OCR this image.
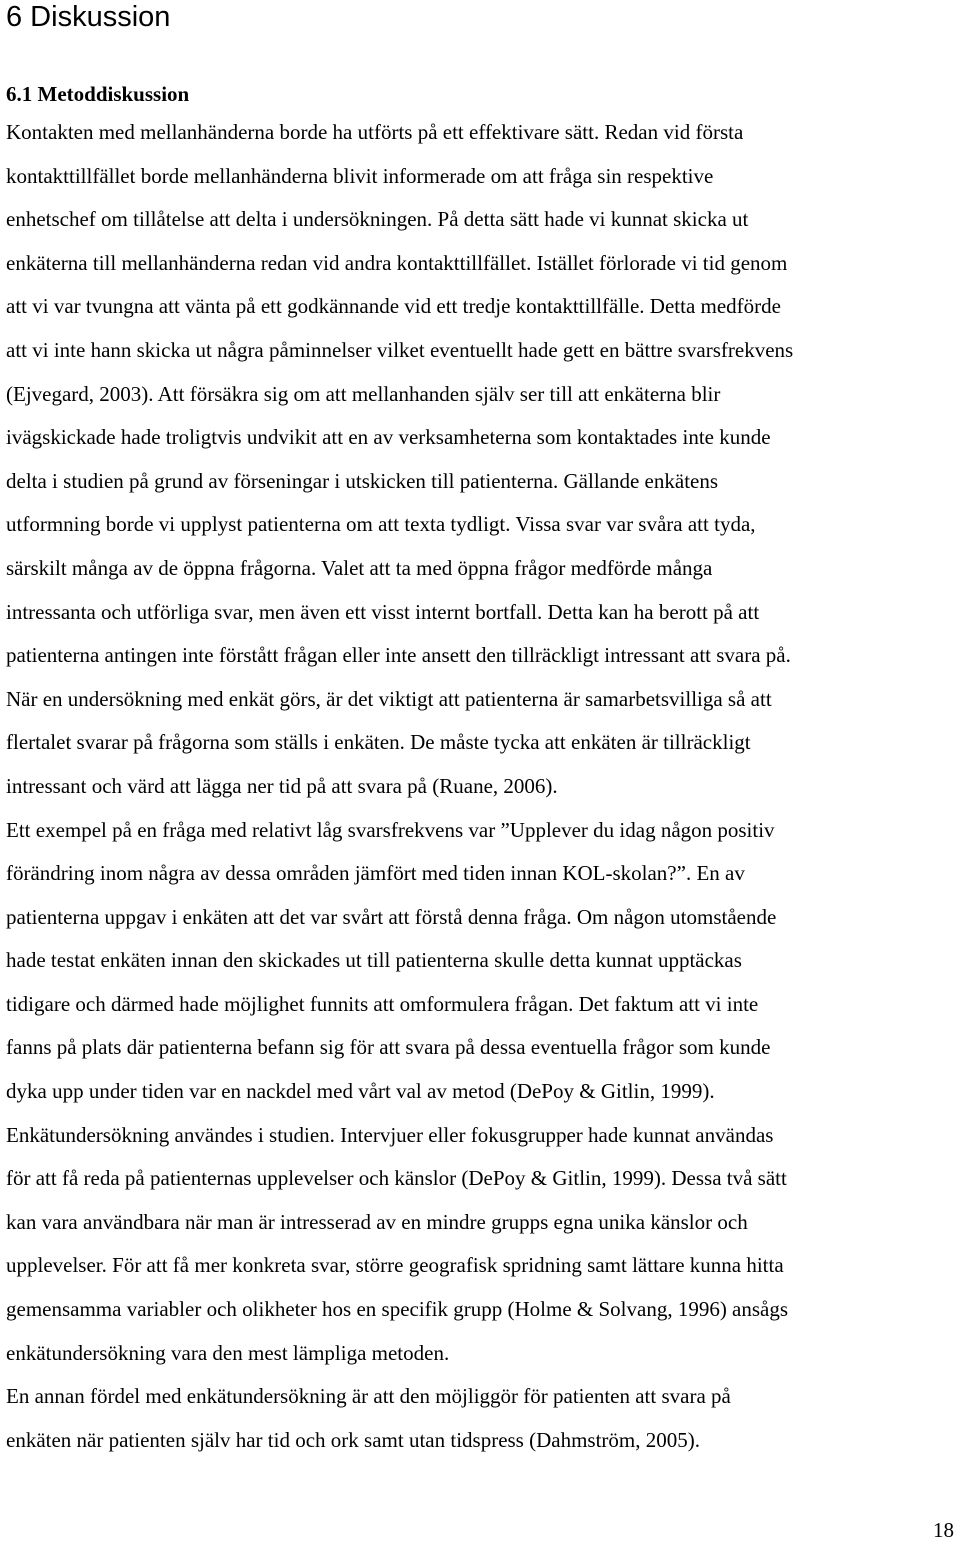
6 Diskussion
6.1 Metoddiskussion
Kontakten med mellanhänderna borde ha utförts på ett effektivare sätt. Redan vid första
kontakttillfället borde mellanhänderna blivit informerade om att fråga sin respektive
enhetschef om tillåtelse att delta i undersökningen. På detta sätt hade vi kunnat skicka ut
enkäterna till mellanhänderna redan vid andra kontakttillfället. Istället förlorade vi tid genom
att vi var tvungna att vänta på ett godkännande vid ett tredje kontakttillfälle. Detta medförde
att vi inte hann skicka ut några påminnelser vilket eventuellt hade gett en bättre svarsfrekvens
(Ejvegard, 2003). Att försäkra sig om att mellanhanden själv ser till att enkäterna blir
ivägskickade hade troligtvis undvikit att en av verksamheterna som kontaktades inte kunde
delta i studien på grund av förseningar i utskicken till patienterna. Gällande enkätens
utformning borde vi upplyst patienterna om att texta tydligt. Vissa svar var svåra att tyda,
särskilt många av de öppna frågorna. Valet att ta med öppna frågor medförde många
intressanta och utförliga svar, men även ett visst internt bortfall. Detta kan ha berott på att
patienterna antingen inte förstått frågan eller inte ansett den tillräckligt intressant att svara på.
När en undersökning med enkät görs, är det viktigt att patienterna är samarbetsvilliga så att
flertalet svarar på frågorna som ställs i enkäten. De måste tycka att enkäten är tillräckligt
intressant och värd att lägga ner tid på att svara på (Ruane, 2006).
Ett exempel på en fråga med relativt låg svarsfrekvens var ”Upplever du idag någon positiv
förändring inom några av dessa områden jämfört med tiden innan KOL-skolan?”. En av
patienterna uppgav i enkäten att det var svårt att förstå denna fråga. Om någon utomstående
hade testat enkäten innan den skickades ut till patienterna skulle detta kunnat upptäckas
tidigare och därmed hade möjlighet funnits att omformulera frågan. Det faktum att vi inte
fanns på plats där patienterna befann sig för att svara på dessa eventuella frågor som kunde
dyka upp under tiden var en nackdel med vårt val av metod (DePoy & Gitlin, 1999).
Enkätundersökning användes i studien. Intervjuer eller fokusgrupper hade kunnat användas
för att få reda på patienternas upplevelser och känslor (DePoy & Gitlin, 1999). Dessa två sätt
kan vara användbara när man är intresserad av en mindre grupps egna unika känslor och
upplevelser. För att få mer konkreta svar, större geografisk spridning samt lättare kunna hitta
gemensamma variabler och olikheter hos en specifik grupp (Holme & Solvang, 1996) ansågs
enkätundersökning vara den mest lämpliga metoden.
En annan fördel med enkätundersökning är att den möjliggör för patienten att svara på
enkäten när patienten själv har tid och ork samt utan tidspress (Dahmström, 2005).
18
